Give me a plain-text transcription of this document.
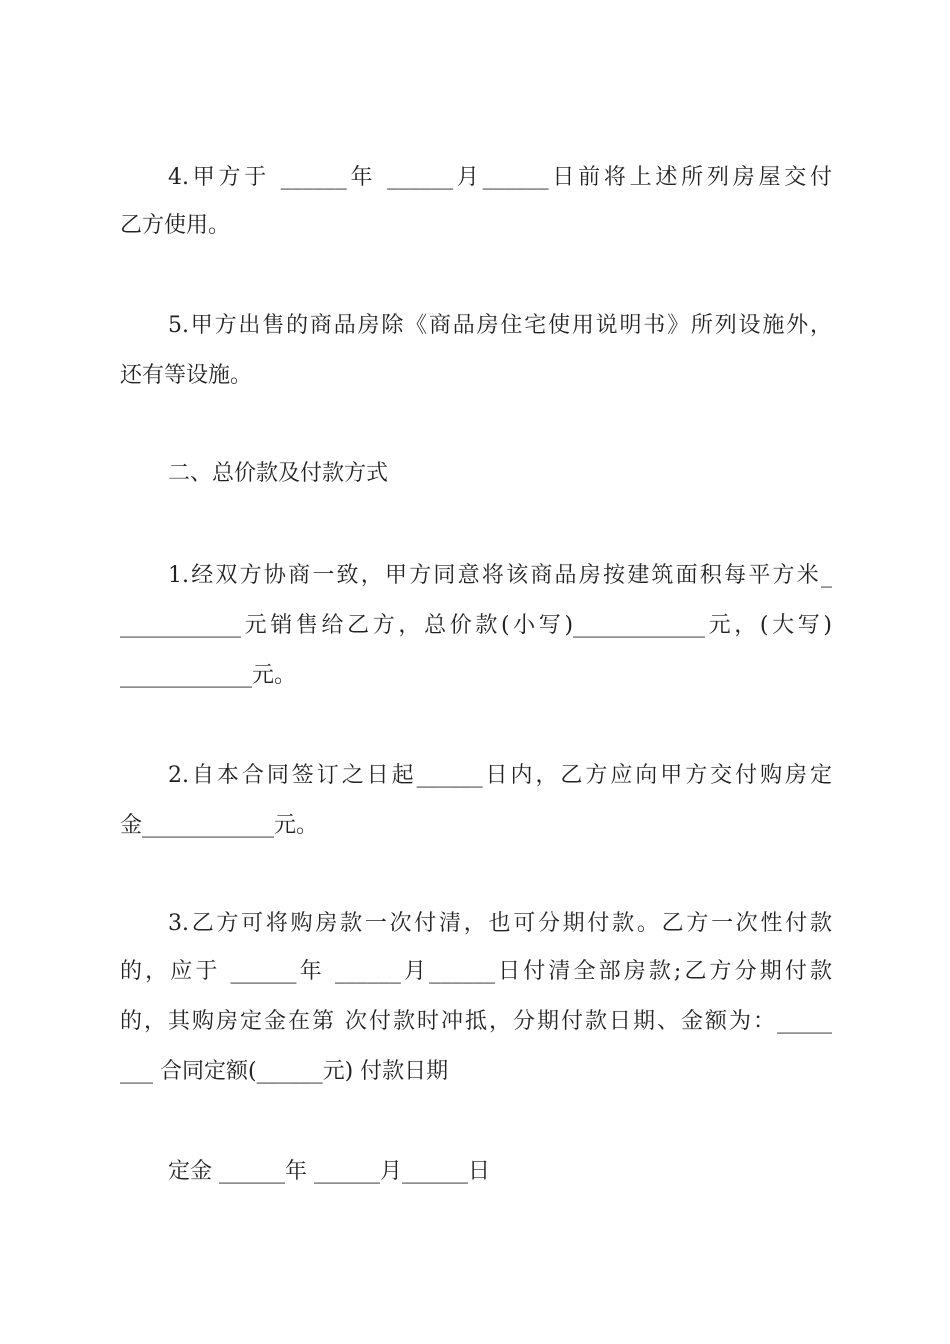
4.甲方于 ______年 ______月______日前将上述所列房屋交付
乙方使用。
5.甲方出售的商品房除《商品房住宅使用说明书》所列设施外，
还有等设施。
二、总价款及付款方式
1.经双方协商一致，甲方同意将该商品房按建筑面积每平方米_
___________元销售给乙方，总价款(小写)____________元，(大写)
____________元。
2.自本合同签订之日起______日内，乙方应向甲方交付购房定
金____________元。
3.乙方可将购房款一次付清，也可分期付款。乙方一次性付款
的，应于 ______年 ______月______日付清全部房款;乙方分期付款
的，其购房定金在第 次付款时冲抵，分期付款日期、金额为：_____
___ 合同定额(______元) 付款日期
定金 ______年 ______月______日
